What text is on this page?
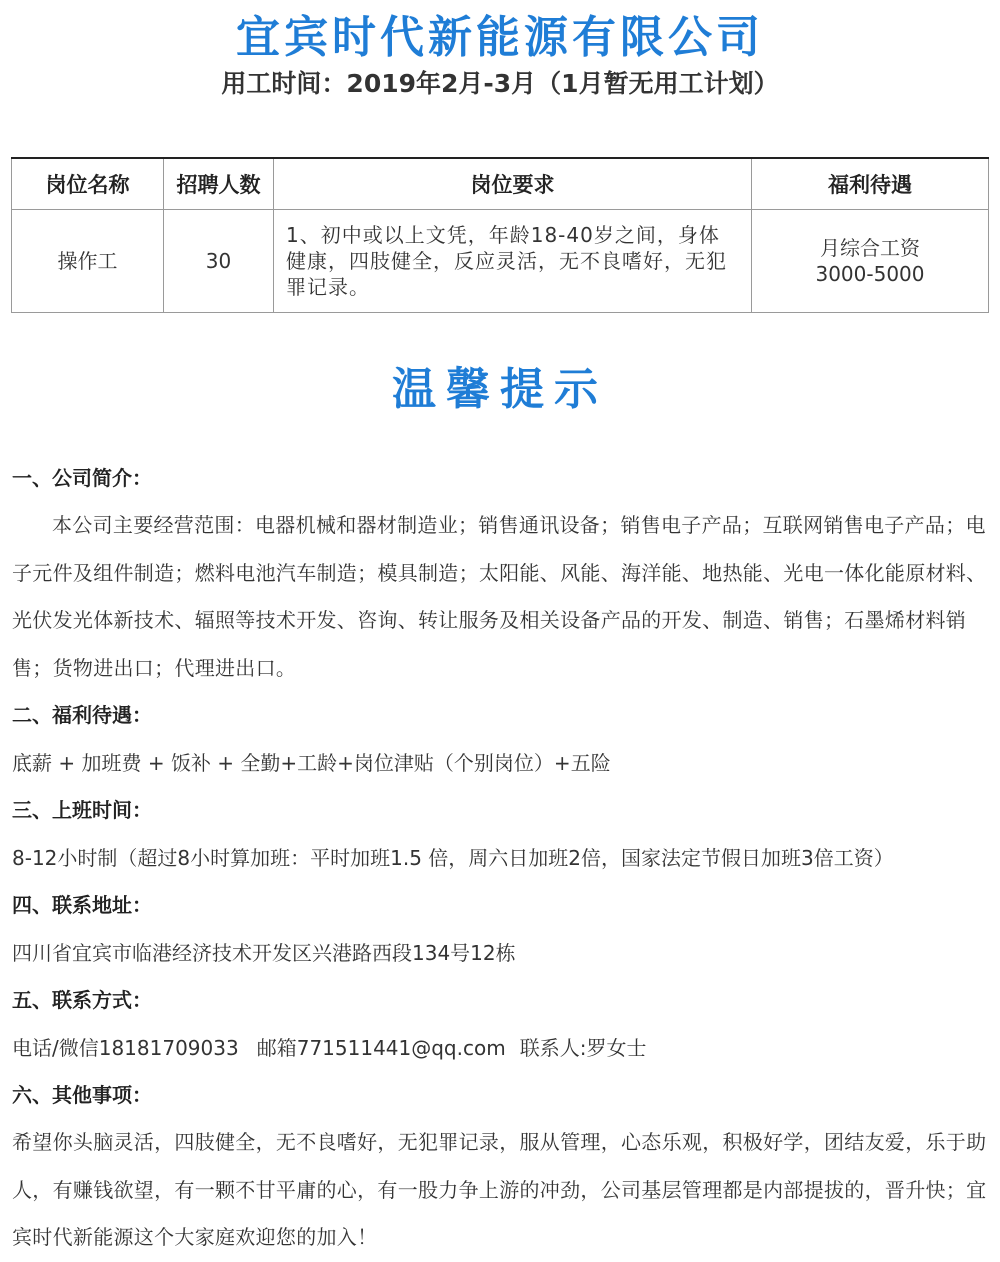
宜宾时代新能源有限公司
用工时间：2019年2月-3月（1月暂无用工计划）
岗位名称	招聘人数	岗位要求	福利待遇
操作工	30	1、初中或以上文凭，年龄18-40岁之间，身体健康，四肢健全，反应灵活，无不良嗜好，无犯罪记录。	月综合工资
3000-5000
温馨提示
一、公司简介：
本公司主要经营范围：电器机械和器材制造业；销售通讯设备；销售电子产品；互联网销售电子产品；电子元件及组件制造；燃料电池汽车制造；模具制造；太阳能、风能、海洋能、地热能、光电一体化能原材料、光伏发光体新技术、辐照等技术开发、咨询、转让服务及相关设备产品的开发、制造、销售；石墨烯材料销售；货物进出口；代理进出口。
二、福利待遇：
底薪 + 加班费 + 饭补 + 全勤+工龄+岗位津贴（个别岗位）+五险
三、上班时间：
8-12小时制（超过8小时算加班：平时加班1.5 倍，周六日加班2倍，国家法定节假日加班3倍工资）
四、联系地址：
四川省宜宾市临港经济技术开发区兴港路西段134号12栋
五、联系方式：
电话/微信18181709033 邮箱771511441@qq.com 联系人:罗女士
六、其他事项：
希望你头脑灵活，四肢健全，无不良嗜好，无犯罪记录，服从管理，心态乐观，积极好学，团结友爱，乐于助人，有赚钱欲望，有一颗不甘平庸的心，有一股力争上游的冲劲，公司基层管理都是内部提拔的，晋升快；宜宾时代新能源这个大家庭欢迎您的加入！
